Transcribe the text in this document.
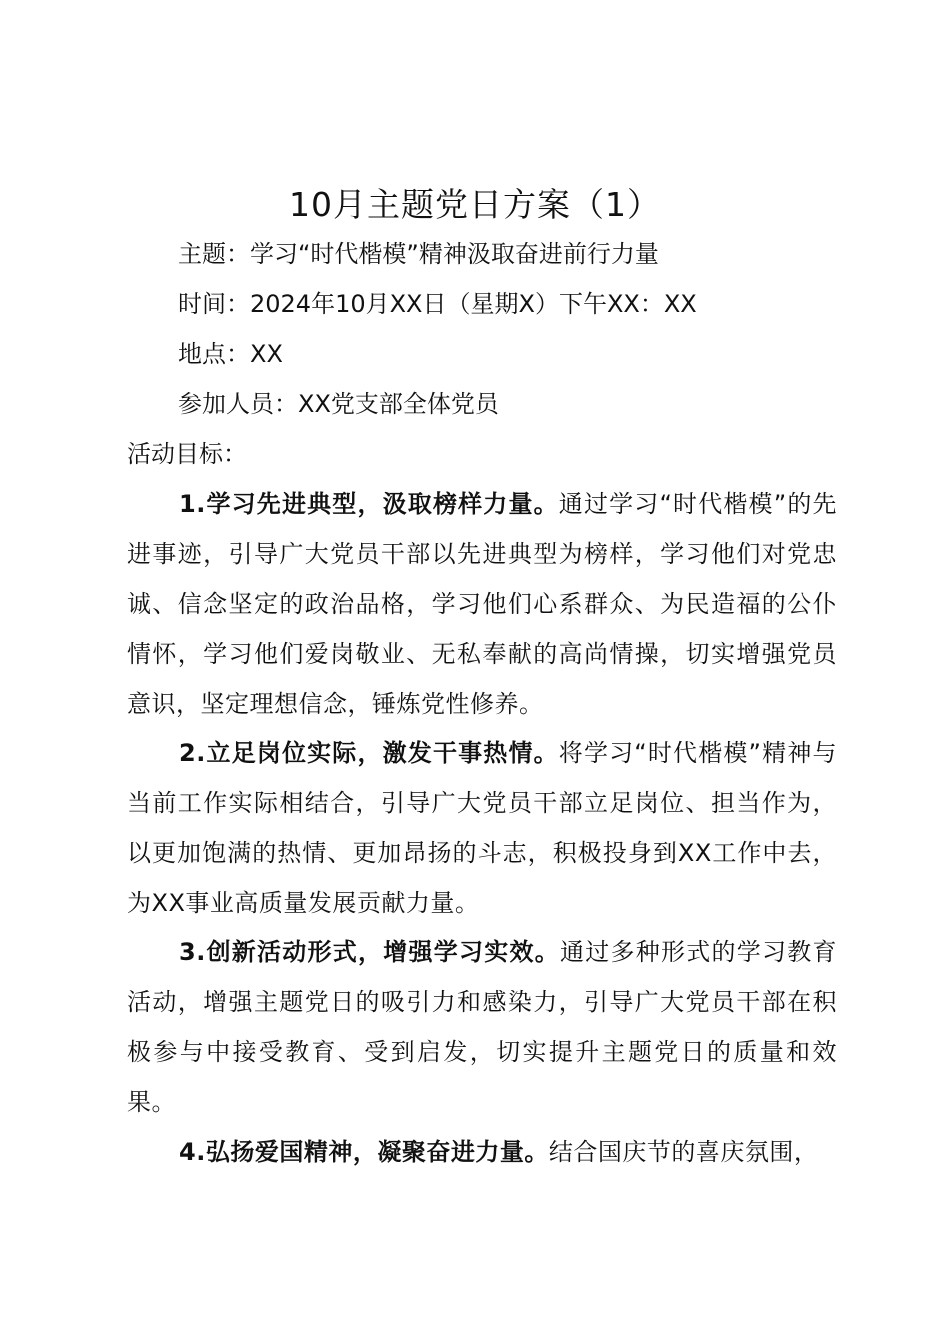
10月主题党日方案（1）
主题：学习“时代楷模”精神汲取奋进前行力量
时间：2024年10月XX日（星期X）下午XX：XX
地点：XX
参加人员：XX党支部全体党员
活动目标：
1.学习先进典型，汲取榜样力量。通过学习“时代楷模”的先进事迹，引导广大党员干部以先进典型为榜样，学习他们对党忠诚、信念坚定的政治品格，学习他们心系群众、为民造福的公仆情怀，学习他们爱岗敬业、无私奉献的高尚情操，切实增强党员意识，坚定理想信念，锤炼党性修养。
2.立足岗位实际，激发干事热情。将学习“时代楷模”精神与当前工作实际相结合，引导广大党员干部立足岗位、担当作为，以更加饱满的热情、更加昂扬的斗志，积极投身到XX工作中去，为XX事业高质量发展贡献力量。
3.创新活动形式，增强学习实效。通过多种形式的学习教育活动，增强主题党日的吸引力和感染力，引导广大党员干部在积极参与中接受教育、受到启发，切实提升主题党日的质量和效果。
4.弘扬爱国精神，凝聚奋进力量。结合国庆节的喜庆氛围，
